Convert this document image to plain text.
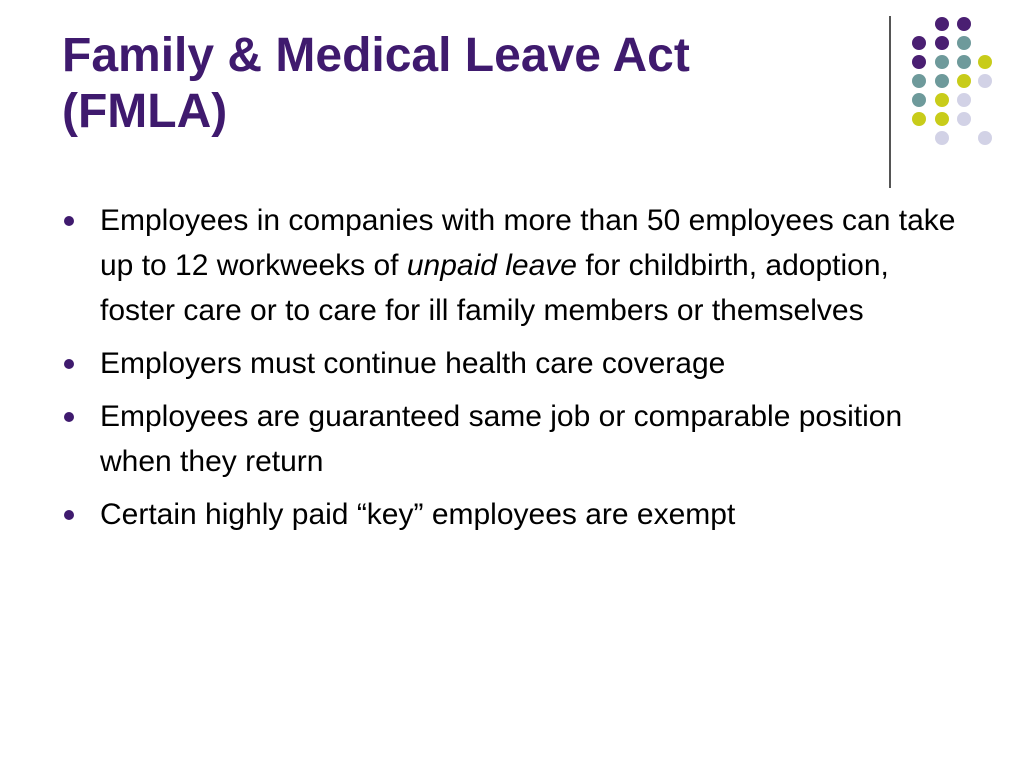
Family & Medical Leave Act
(FMLA)
Employees in companies with more than 50 employees can take up to 12 workweeks of unpaid leave for childbirth, adoption, foster care or to care for ill family members or themselves
Employers must continue health care coverage
Employees are guaranteed same job or comparable position when they return
Certain highly paid “key” employees are exempt
